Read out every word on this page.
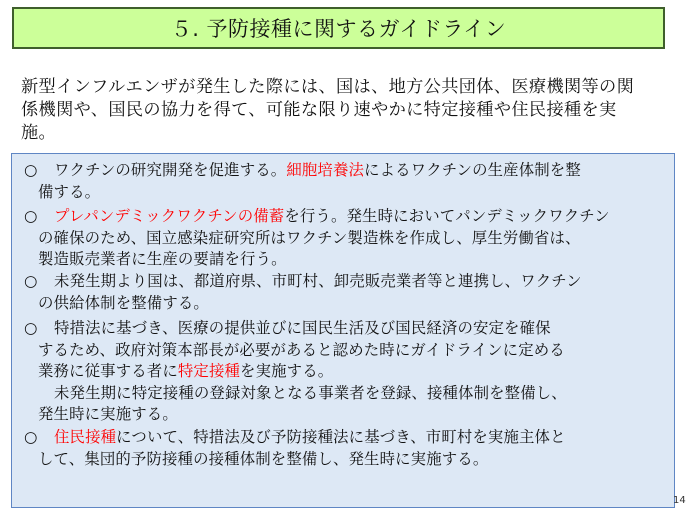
５. 予防接種に関するガイドライン

新型インフルエンザが発生した際には、国は、地方公共団体、医療機関等の関
係機関や、国民の協力を得て、可能な限り速やかに特定接種や住民接種を実
施。

○	ワクチンの研究開発を促進する。細胞培養法によるワクチンの生産体制を整
備する。
○	プレパンデミックワクチンの備蓄を行う。発生時においてパンデミックワクチン
の確保のため、国立感染症研究所はワクチン製造株を作成し、厚生労働省は、
製造販売業者に生産の要請を行う。
○	未発生期より国は、都道府県、市町村、卸売販売業者等と連携し、ワクチン
の供給体制を整備する。
○	特措法に基づき、医療の提供並びに国民生活及び国民経済の安定を確保
するため、政府対策本部長が必要があると認めた時にガイドラインに定める
業務に従事する者に特定接種を実施する。
未発生期に特定接種の登録対象となる事業者を登録、接種体制を整備し、
発生時に実施する。
○	住民接種について、特措法及び予防接種法に基づき、市町村を実施主体と
して、集団的予防接種の接種体制を整備し、発生時に実施する。
14
